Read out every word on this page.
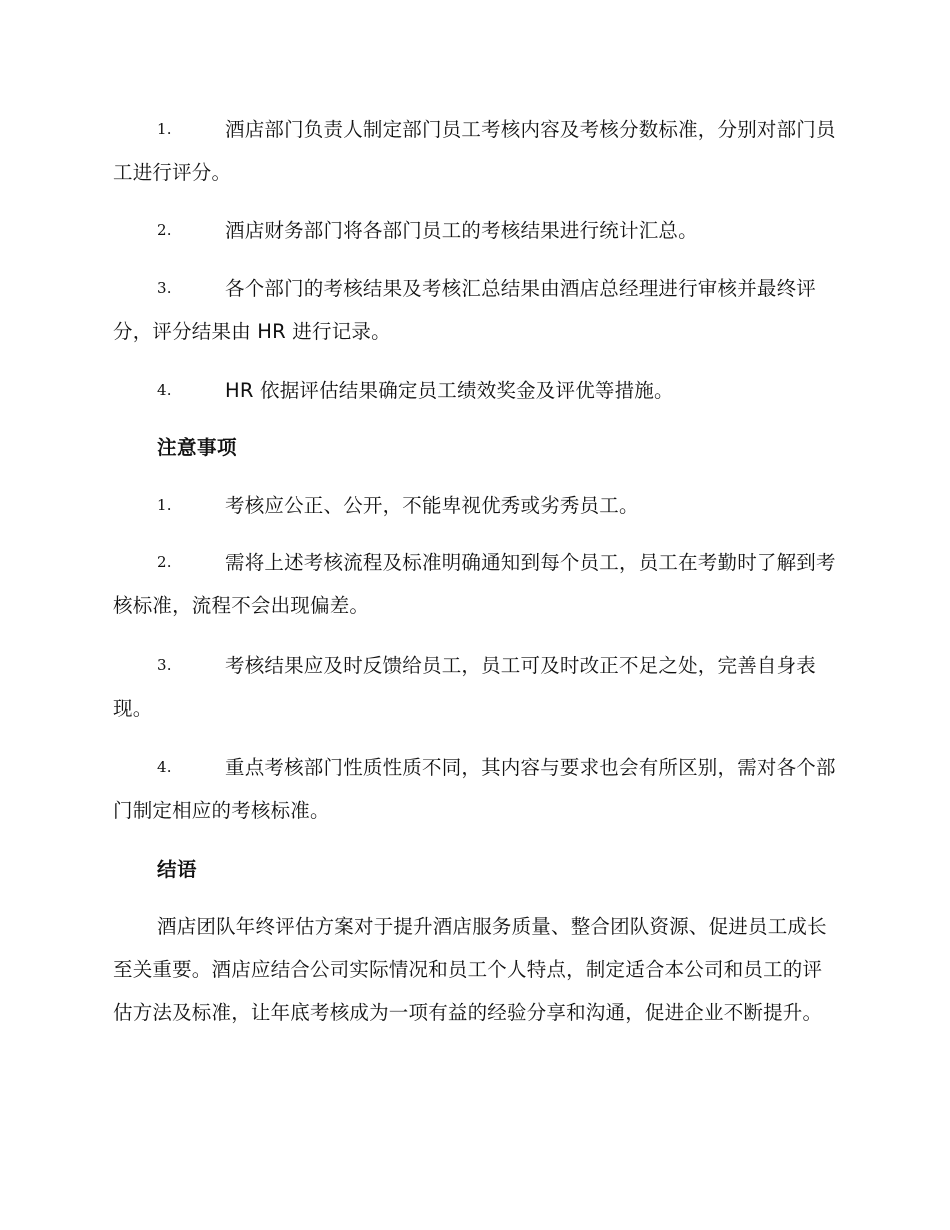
1.	酒店部门负责人制定部门员工考核内容及考核分数标准，分别对部门员工进行评分。
2.	酒店财务部门将各部门员工的考核结果进行统计汇总。
3.	各个部门的考核结果及考核汇总结果由酒店总经理进行审核并最终评分，评分结果由 HR 进行记录。
4.	HR 依据评估结果确定员工绩效奖金及评优等措施。
注意事项
1.	考核应公正、公开，不能卑视优秀或劣秀员工。
2.	需将上述考核流程及标准明确通知到每个员工，员工在考勤时了解到考核标准，流程不会出现偏差。
3.	考核结果应及时反馈给员工，员工可及时改正不足之处，完善自身表现。
4.	重点考核部门性质性质不同，其内容与要求也会有所区别，需对各个部门制定相应的考核标准。
结语
酒店团队年终评估方案对于提升酒店服务质量、整合团队资源、促进员工成长至关重要。酒店应结合公司实际情况和员工个人特点，制定适合本公司和员工的评估方法及标准，让年底考核成为一项有益的经验分享和沟通，促进企业不断提升。
